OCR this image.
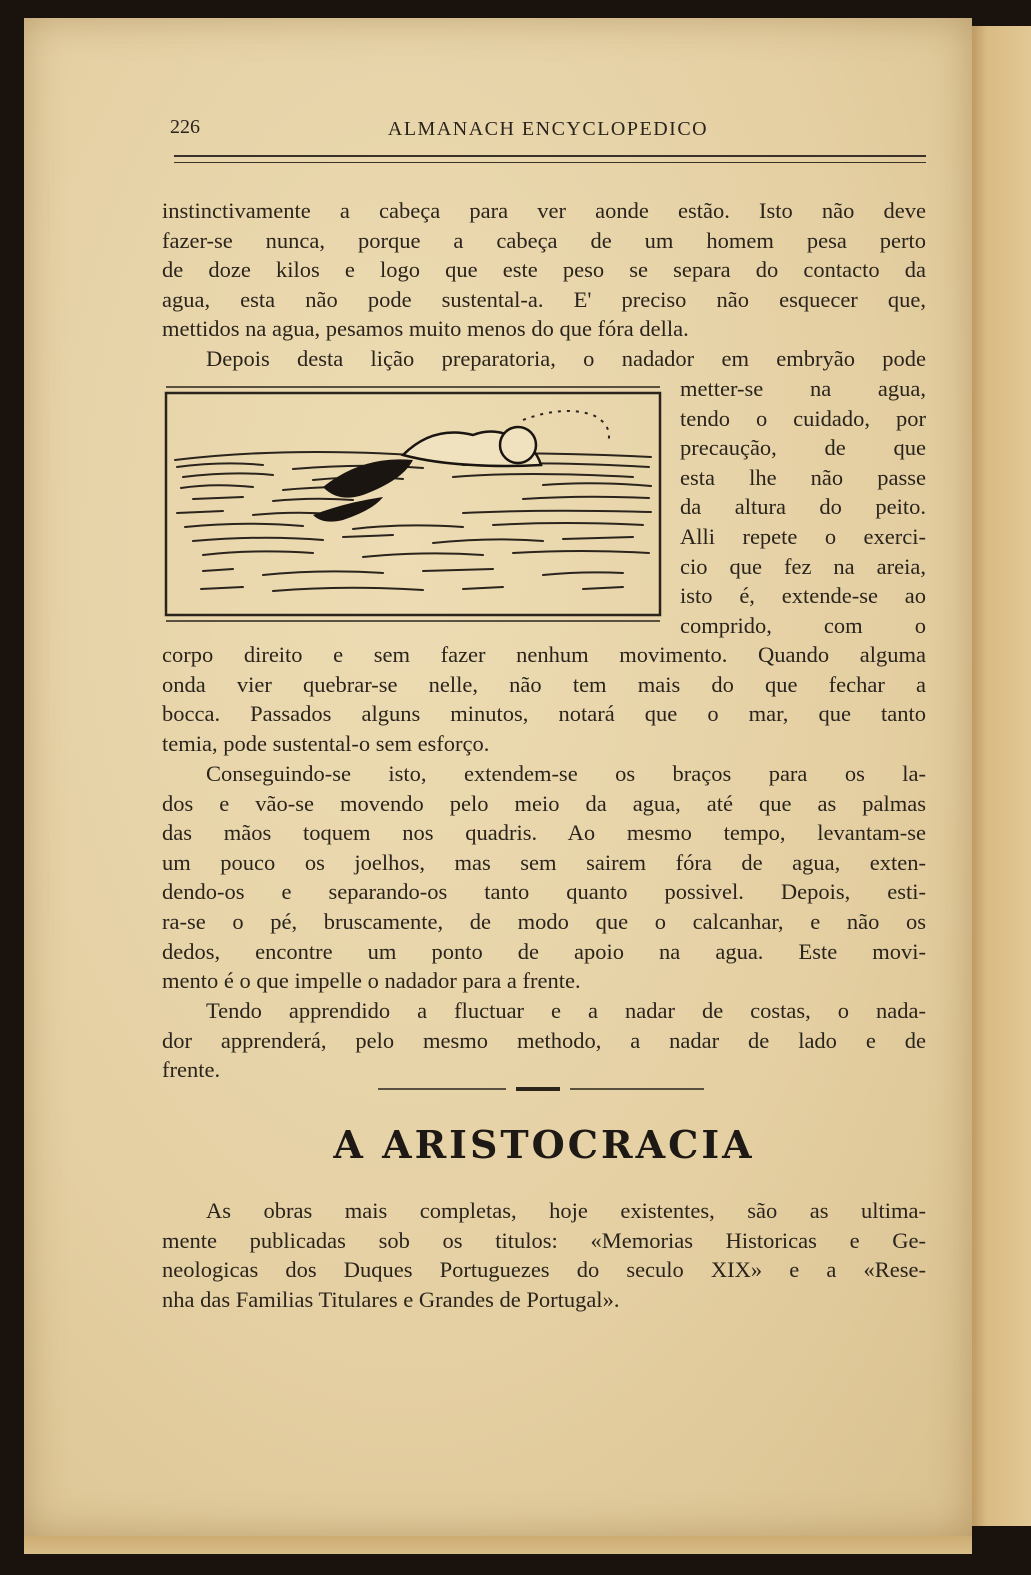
226	ALMANACH ENCYCLOPEDICO
instinctivamente a cabeça para ver aonde estão. Isto não deve
fazer-se nunca, porque a cabeça de um homem pesa perto
de doze kilos e logo que este peso se separa do contacto da
agua, esta não pode sustental-a. E' preciso não esquecer que,
mettidos na agua, pesamos muito menos do que fóra della.
Depois desta lição preparatoria, o nadador em embryão pode
metter-se na agua,
tendo o cuidado, por
precaução, de que
esta lhe não passe
da altura do peito.
Alli repete o exerci-
cio que fez na areia,
isto é, extende-se ao
comprido, com o
corpo direito e sem fazer nenhum movimento. Quando alguma
onda vier quebrar-se nelle, não tem mais do que fechar a
bocca. Passados alguns minutos, notará que o mar, que tanto
temia, pode sustental-o sem esforço.
Conseguindo-se isto, extendem-se os braços para os la-
dos e vão-se movendo pelo meio da agua, até que as palmas
das mãos toquem nos quadris. Ao mesmo tempo, levantam-se
um pouco os joelhos, mas sem sairem fóra de agua, exten-
dendo-os e separando-os tanto quanto possivel. Depois, esti-
ra-se o pé, bruscamente, de modo que o calcanhar, e não os
dedos, encontre um ponto de apoio na agua. Este movi-
mento é o que impelle o nadador para a frente.
Tendo apprendido a fluctuar e a nadar de costas, o nada-
dor apprenderá, pelo mesmo methodo, a nadar de lado e de
frente.
A ARISTOCRACIA
As obras mais completas, hoje existentes, são as ultima-
mente publicadas sob os titulos: «Memorias Historicas e Ge-
neologicas dos Duques Portuguezes do seculo XIX» e a «Rese-
nha das Familias Titulares e Grandes de Portugal».
